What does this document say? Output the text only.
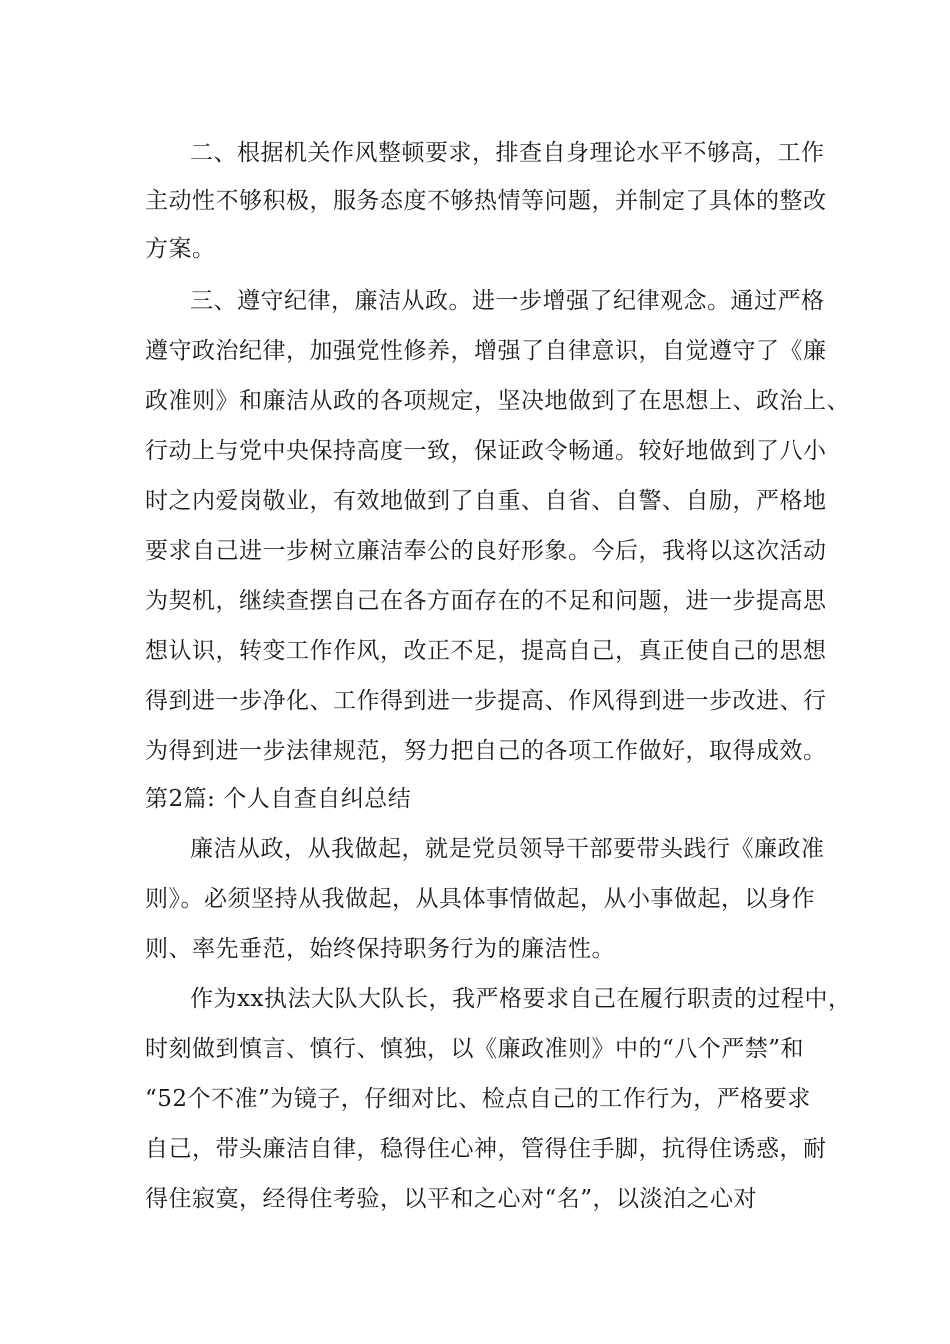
二、根据机关作风整顿要求，排查自身理论水平不够高，工作
主动性不够积极，服务态度不够热情等问题，并制定了具体的整改
方案。
三、遵守纪律，廉洁从政。进一步增强了纪律观念。通过严格
遵守政治纪律，加强党性修养，增强了自律意识，自觉遵守了《廉
政准则》和廉洁从政的各项规定，坚决地做到了在思想上、政治上、
行动上与党中央保持高度一致，保证政令畅通。较好地做到了八小
时之内爱岗敬业，有效地做到了自重、自省、自警、自励，严格地
要求自己进一步树立廉洁奉公的良好形象。今后，我将以这次活动
为契机，继续查摆自己在各方面存在的不足和问题，进一步提高思
想认识，转变工作作风，改正不足，提高自己，真正使自己的思想
得到进一步净化、工作得到进一步提高、作风得到进一步改进、行
为得到进一步法律规范，努力把自己的各项工作做好，取得成效。
第2篇: 个人自查自纠总结
廉洁从政，从我做起，就是党员领导干部要带头践行《廉政准
则》。必须坚持从我做起，从具体事情做起，从小事做起，以身作
则、率先垂范，始终保持职务行为的廉洁性。
作为xx执法大队大队长，我严格要求自己在履行职责的过程中，
时刻做到慎言、慎行、慎独，以《廉政准则》中的“八个严禁”和
“52个不准”为镜子，仔细对比、检点自己的工作行为，严格要求
自己，带头廉洁自律，稳得住心神，管得住手脚，抗得住诱惑，耐
得住寂寞，经得住考验，以平和之心对“名”，以淡泊之心对
